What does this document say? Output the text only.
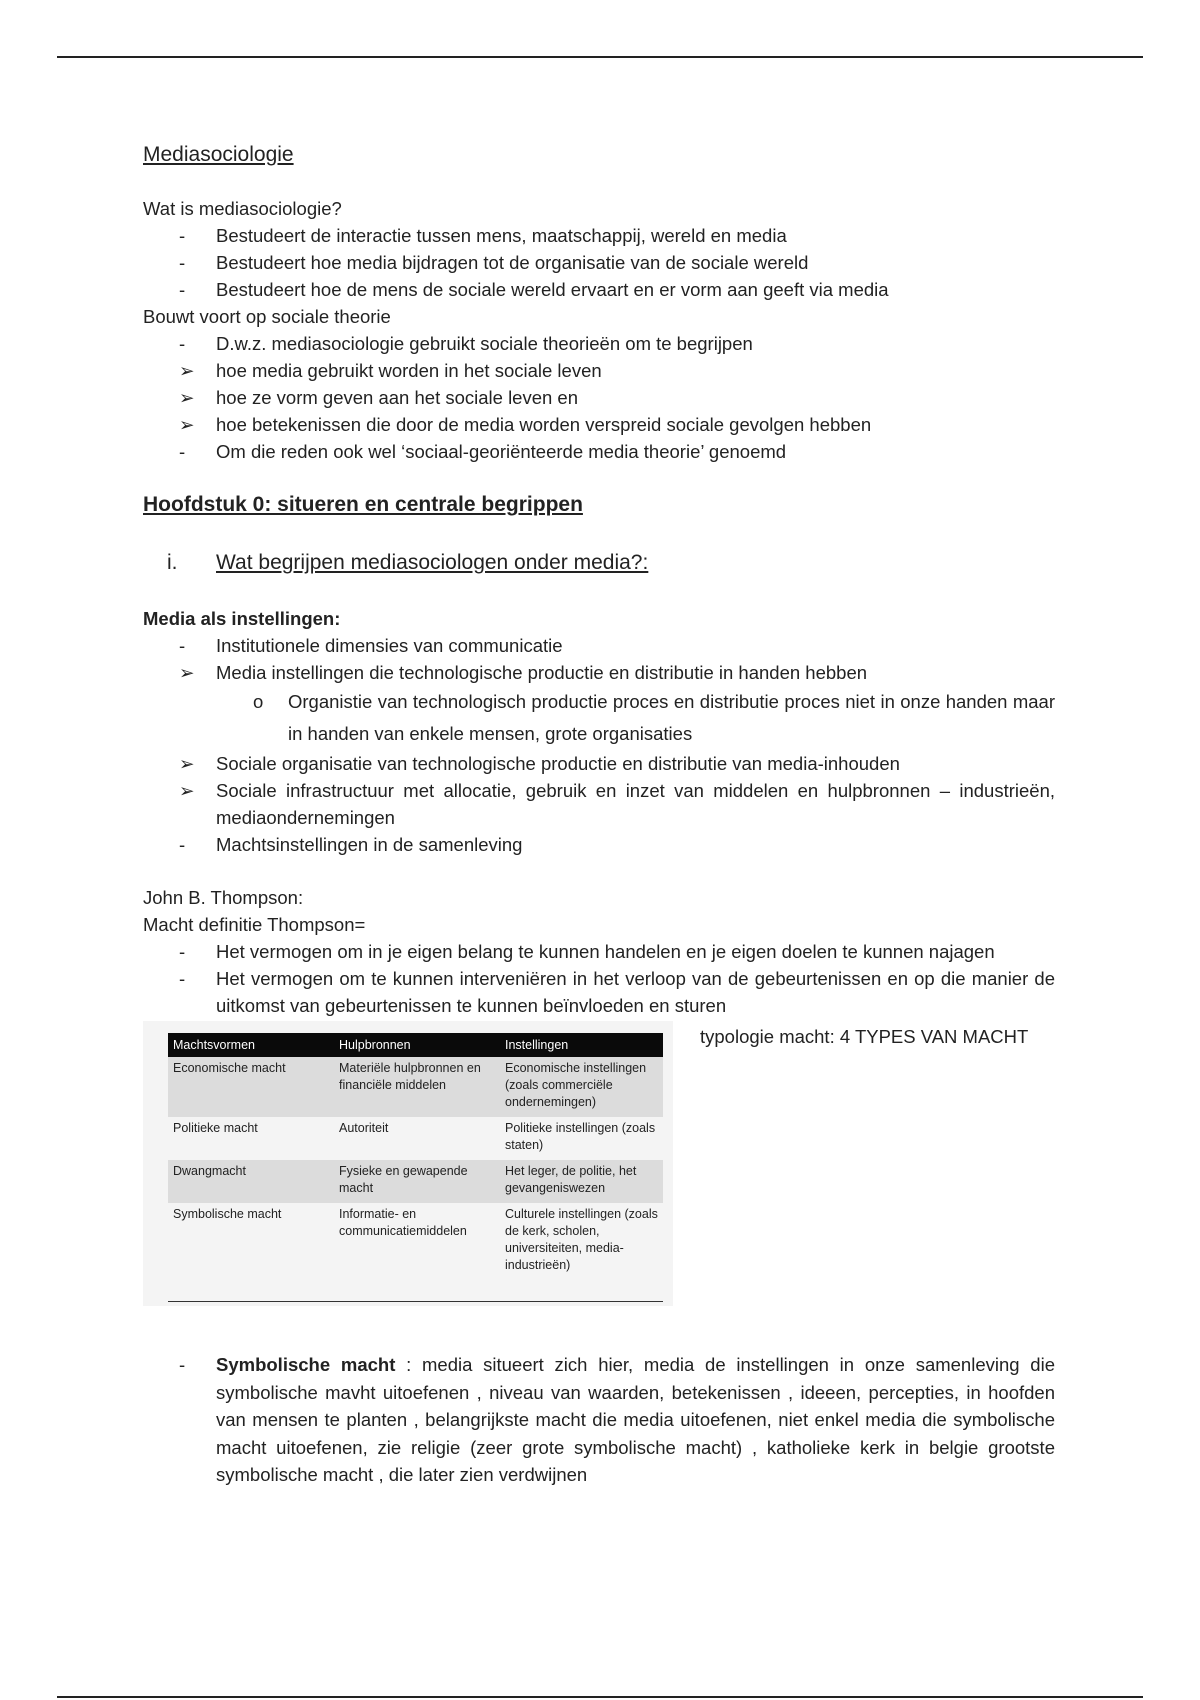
Mediasociologie

Wat is mediasociologie?

-	Bestudeert de interactie tussen mens, maatschappij, wereld en media
-	Bestudeert hoe media bijdragen tot de organisatie van de sociale wereld
-	Bestudeert hoe de mens de sociale wereld ervaart en er vorm aan geeft via media

Bouwt voort op sociale theorie

-	D.w.z. mediasociologie gebruikt sociale theorieën om te begrijpen
➢ hoe media gebruikt worden in het sociale leven
➢ hoe ze vorm geven aan het sociale leven en
➢ hoe betekenissen die door de media worden verspreid sociale gevolgen hebben
-	Om die reden ook wel ‘sociaal-georiënteerde media theorie’ genoemd

Hoofdstuk 0: situeren en centrale begrippen

i. Wat begrijpen mediasociologen onder media?:

Media als instellingen:

-	Institutionele dimensies van communicatie
➢ Media instellingen die technologische productie en distributie in handen hebben
o	Organistie van technologisch productie proces en distributie proces niet in onze handen maar in handen van enkele mensen, grote organisaties
➢ Sociale organisatie van technologische productie en distributie van media-inhouden
➢ Sociale infrastructuur met allocatie, gebruik en inzet van middelen en hulpbronnen – industrieën, mediaondernemingen
-	Machtsinstellingen in de samenleving

John B. Thompson:

Macht definitie Thompson=

-	Het vermogen om in je eigen belang te kunnen handelen en je eigen doelen te kunnen najagen
-	Het vermogen om te kunnen interveniëren in het verloop van de gebeurtenissen en op die manier de uitkomst van gebeurtenissen te kunnen beïnvloeden en sturen
Machtsvormen	Hulpbronnen	Instellingen
Economische macht	Materiële hulpbronnen en financiële middelen	Economische instellingen (zoals commerciële ondernemingen)
Politieke macht	Autoriteit	Politieke instellingen (zoals staten)
Dwangmacht	Fysieke en gewapende macht	Het leger, de politie, het gevangeniswezen
Symbolische macht	Informatie- en communicatiemiddelen	Culturele instellingen (zoals de kerk, scholen, universiteiten, media-industrieën)
typologie macht: 4 TYPES VAN MACHT
-	Symbolische macht : media situeert zich hier, media de instellingen in onze samenleving die symbolische mavht uitoefenen , niveau van waarden, betekenissen , ideeen, percepties, in hoofden van mensen te planten , belangrijkste macht die media uitoefenen, niet enkel media die symbolische macht uitoefenen, zie religie (zeer grote symbolische macht) , katholieke kerk in belgie grootste symbolische macht , die later zien verdwijnen
